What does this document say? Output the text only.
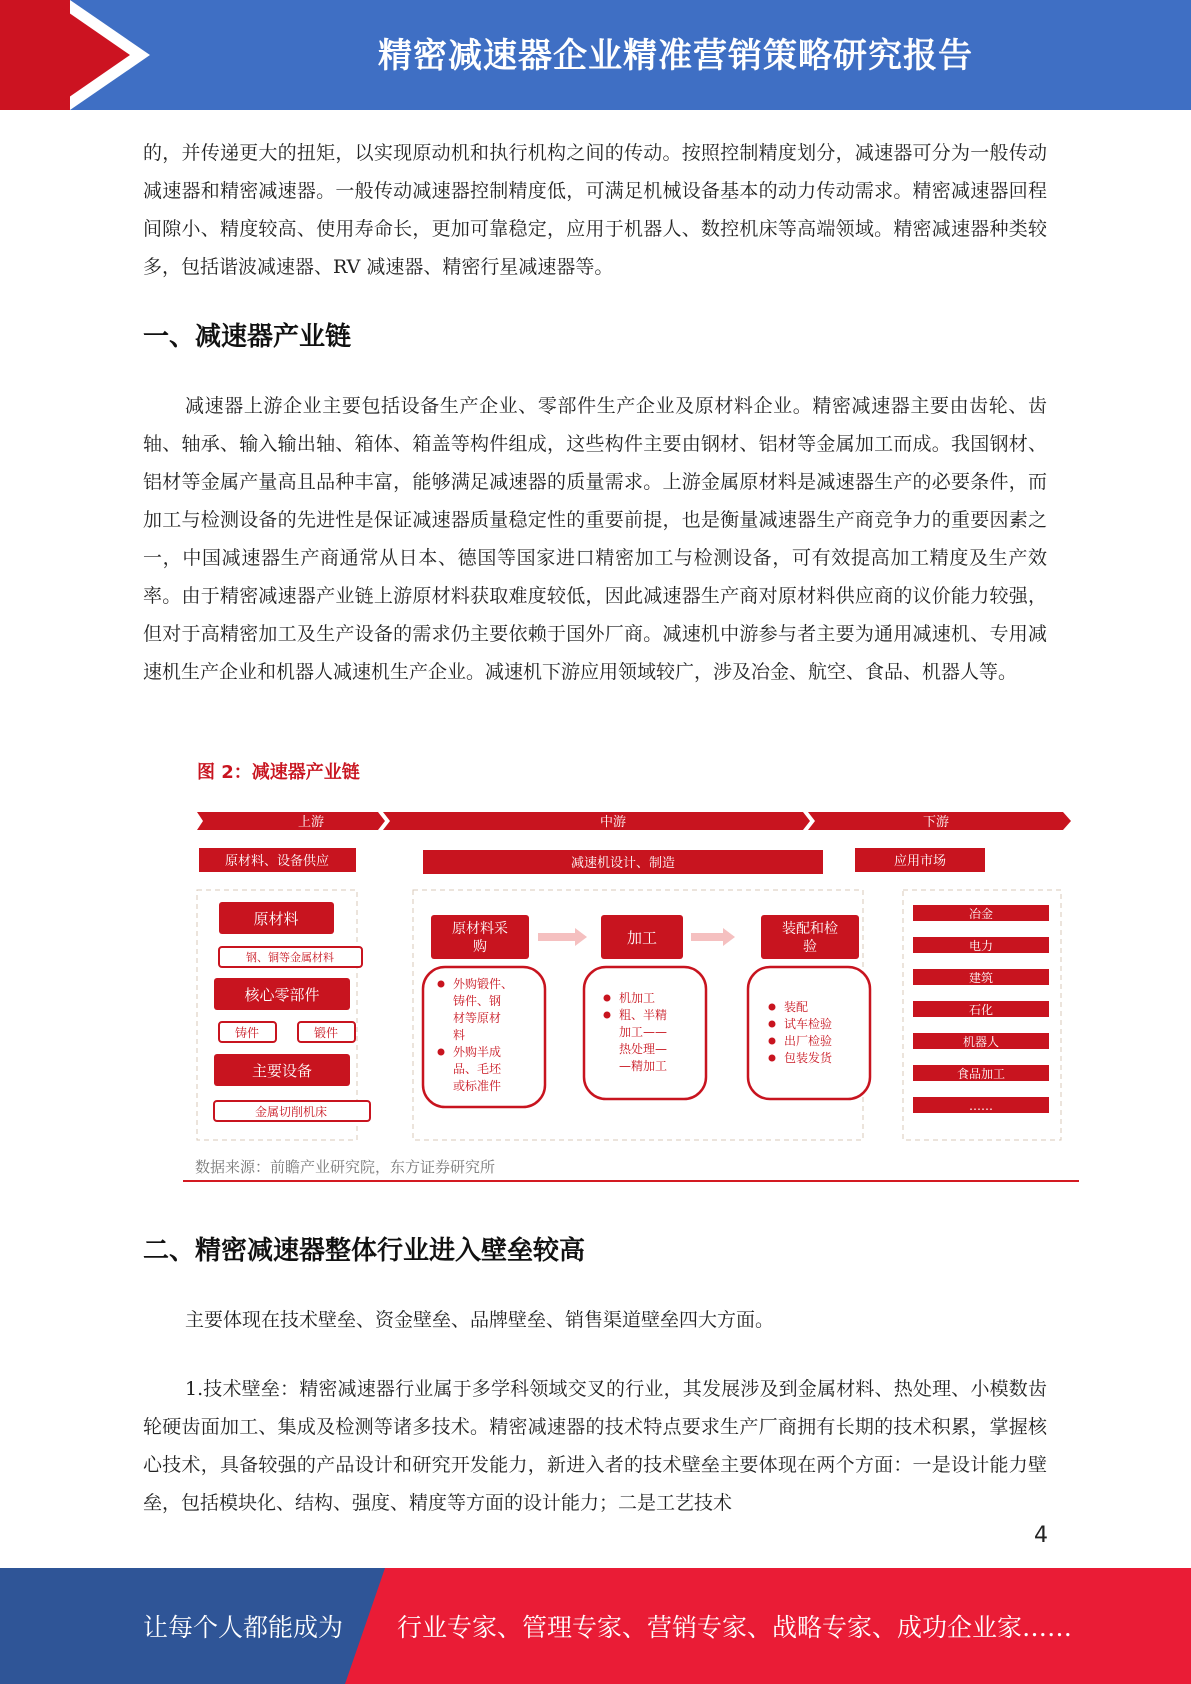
精密减速器企业精准营销策略研究报告

的，并传递更大的扭矩，以实现原动机和执行机构之间的传动。按照控制精度划分，减速器可分为一般传动减速器和精密减速器。一般传动减速器控制精度低，可满足机械设备基本的动力传动需求。精密减速器回程间隙小、精度较高、使用寿命长，更加可靠稳定，应用于机器人、数控机床等高端领域。精密减速器种类较多，包括谐波减速器、RV 减速器、精密行星减速器等。

一、减速器产业链

减速器上游企业主要包括设备生产企业、零部件生产企业及原材料企业。精密减速器主要由齿轮、齿轴、轴承、输入输出轴、箱体、箱盖等构件组成，这些构件主要由钢材、铝材等金属加工而成。我国钢材、铝材等金属产量高且品种丰富，能够满足减速器的质量需求。上游金属原材料是减速器生产的必要条件，而加工与检测设备的先进性是保证减速器质量稳定性的重要前提，也是衡量减速器生产商竞争力的重要因素之一，中国减速器生产商通常从日本、德国等国家进口精密加工与检测设备，可有效提高加工精度及生产效率。由于精密减速器产业链上游原材料获取难度较低，因此减速器生产商对原材料供应商的议价能力较强，但对于高精密加工及生产设备的需求仍主要依赖于国外厂商。减速机中游参与者主要为通用减速机、专用减速机生产企业和机器人减速机生产企业。减速机下游应用领域较广，涉及冶金、航空、食品、机器人等。

图 2：减速器产业链
上游	中游	下游
原材料、设备供应	减速机设计、制造	应用市场
原材料
钢、铜等金属材料
核心零部件
铸件	锻件
主要设备
金属切削机床
原材料采
购	加工	装配和检
验
外购锻件、
铸件、钢
材等原材
料
外购半成
品、毛坯
或标准件
机加工
粗、半精
加工——
热处理—
—精加工
装配
试车检验
出厂检验
包装发货
冶金
电力
建筑
石化
机器人
食品加工
……
数据来源：前瞻产业研究院，东方证券研究所
二、精密减速器整体行业进入壁垒较高

主要体现在技术壁垒、资金壁垒、品牌壁垒、销售渠道壁垒四大方面。

1.技术壁垒：精密减速器行业属于多学科领域交叉的行业，其发展涉及到金属材料、热处理、小模数齿轮硬齿面加工、集成及检测等诸多技术。精密减速器的技术特点要求生产厂商拥有长期的技术积累，掌握核心技术，具备较强的产品设计和研究开发能力，新进入者的技术壁垒主要体现在两个方面：一是设计能力壁垒，包括模块化、结构、强度、精度等方面的设计能力；二是工艺技术

4
让每个人都能成为 行业专家、管理专家、营销专家、战略专家、成功企业家……
